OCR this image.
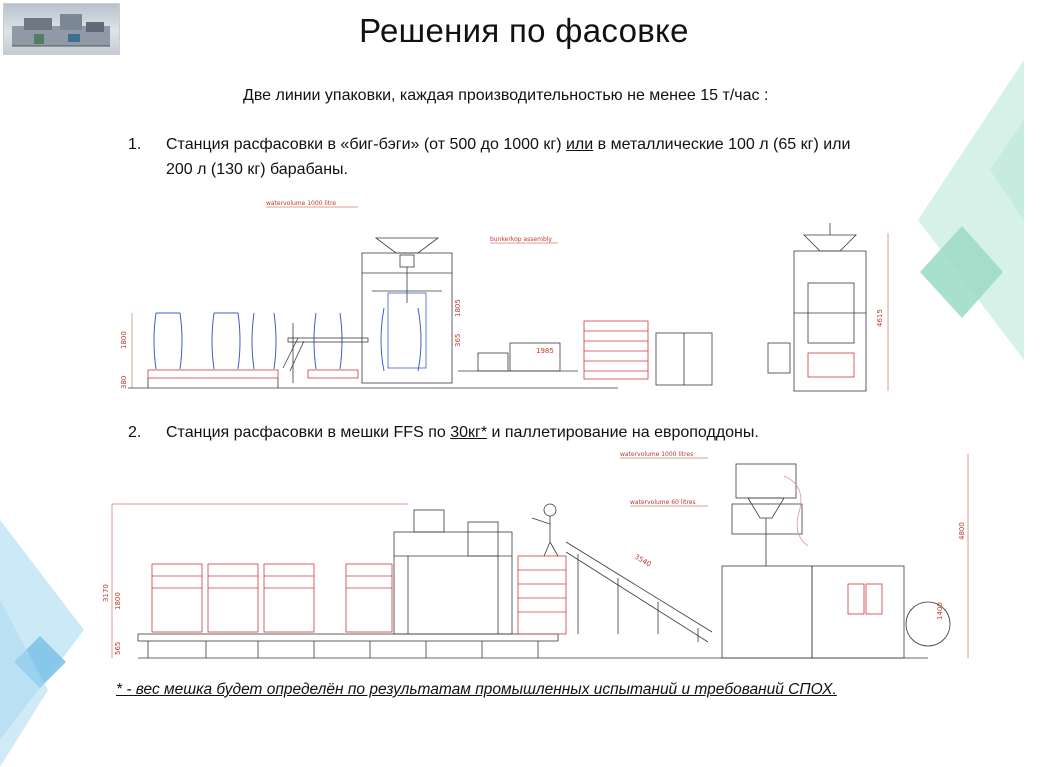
Решения по фасовке
Две линии упаковки, каждая производительностью не менее 15 т/час :
1. Станция расфасовки в «биг-бэги» (от 500 до 1000 кг) или в металлические 100 л (65 кг) или
200 л (130 кг) барабаны.
watervolume 1000 litre
bunkerkop assembly
1800
380
1805
365
1985
4615
2. Станция расфасовки в мешки FFS по 30кг* и паллетирование на европоддоны.
watervolume 1000 litres
watervolume 60 litres
3170 1800
565
3540
4800
1400
* - вес мешка будет определён по результатам промышленных испытаний и требований СПОХ.
